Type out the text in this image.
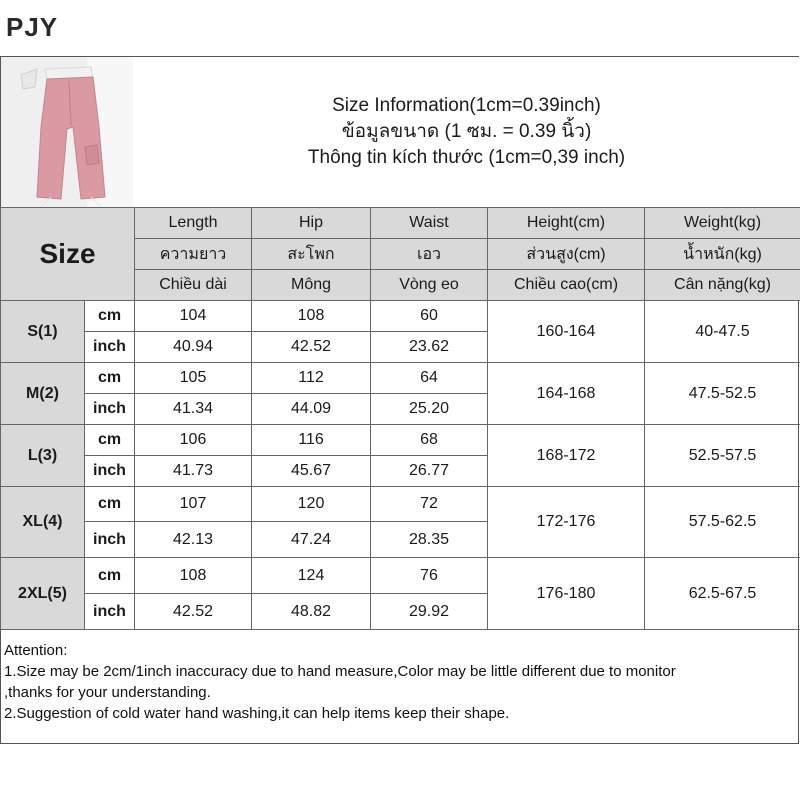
PJY
Size Information(1cm=0.39inch)
ข้อมูลขนาด (1 ซม. = 0.39 นิ้ว)
Thông tin kích thước (1cm=0,39 inch)
Size		Length	Hip	Waist	Height(cm)	Weight(kg)
		ความยาว	สะโพก	เอว	ส่วนสูง(cm)	น้ำหนัก(kg)
		Chiều dài	Mông	Vòng eo	Chiều cao(cm)	Cân nặng(kg)
S(1)	cm	104	108	60	160-164	40-47.5
	inch	40.94	42.52	23.62		
M(2)	cm	105	112	64	164-168	47.5-52.5
	inch	41.34	44.09	25.20		
L(3)	cm	106	116	68	168-172	52.5-57.5
	inch	41.73	45.67	26.77		
XL(4)	cm	107	120	72	172-176	57.5-62.5
	inch	42.13	47.24	28.35		
2XL(5)	cm	108	124	76	176-180	62.5-67.5
	inch	42.52	48.82	29.92		
Attention:
1.Size may be 2cm/1inch inaccuracy due to hand measure,Color may be little different due to monitor
,thanks for your understanding.
2.Suggestion of cold water hand washing,it can help items keep their shape.
